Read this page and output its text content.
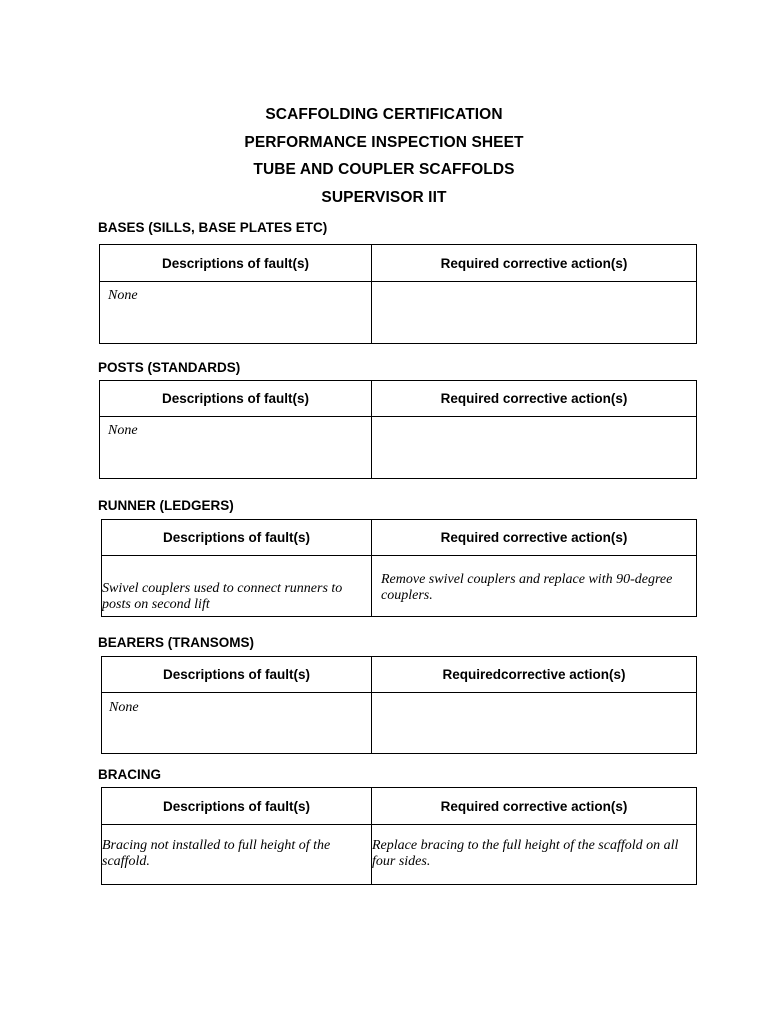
SCAFFOLDING CERTIFICATION
PERFORMANCE INSPECTION SHEET
TUBE AND COUPLER SCAFFOLDS
SUPERVISOR IIT
BASES (SILLS, BASE PLATES ETC)
Descriptions of fault(s)	Required corrective action(s)

None	

POSTS (STANDARDS)
Descriptions of fault(s)	Required corrective action(s)

None	

RUNNER (LEDGERS)
Descriptions of fault(s)	Required corrective action(s)

Swivel couplers used to connect runners to posts on second lift	Remove swivel couplers and replace with 90-degree couplers.
BEARERS (TRANSOMS)
Descriptions of fault(s)	Requiredcorrective action(s)

None	

BRACING
Descriptions of fault(s)	Required corrective action(s)

Bracing not installed to full height of the scaffold.	Replace bracing to the full height of the scaffold on all four sides.
